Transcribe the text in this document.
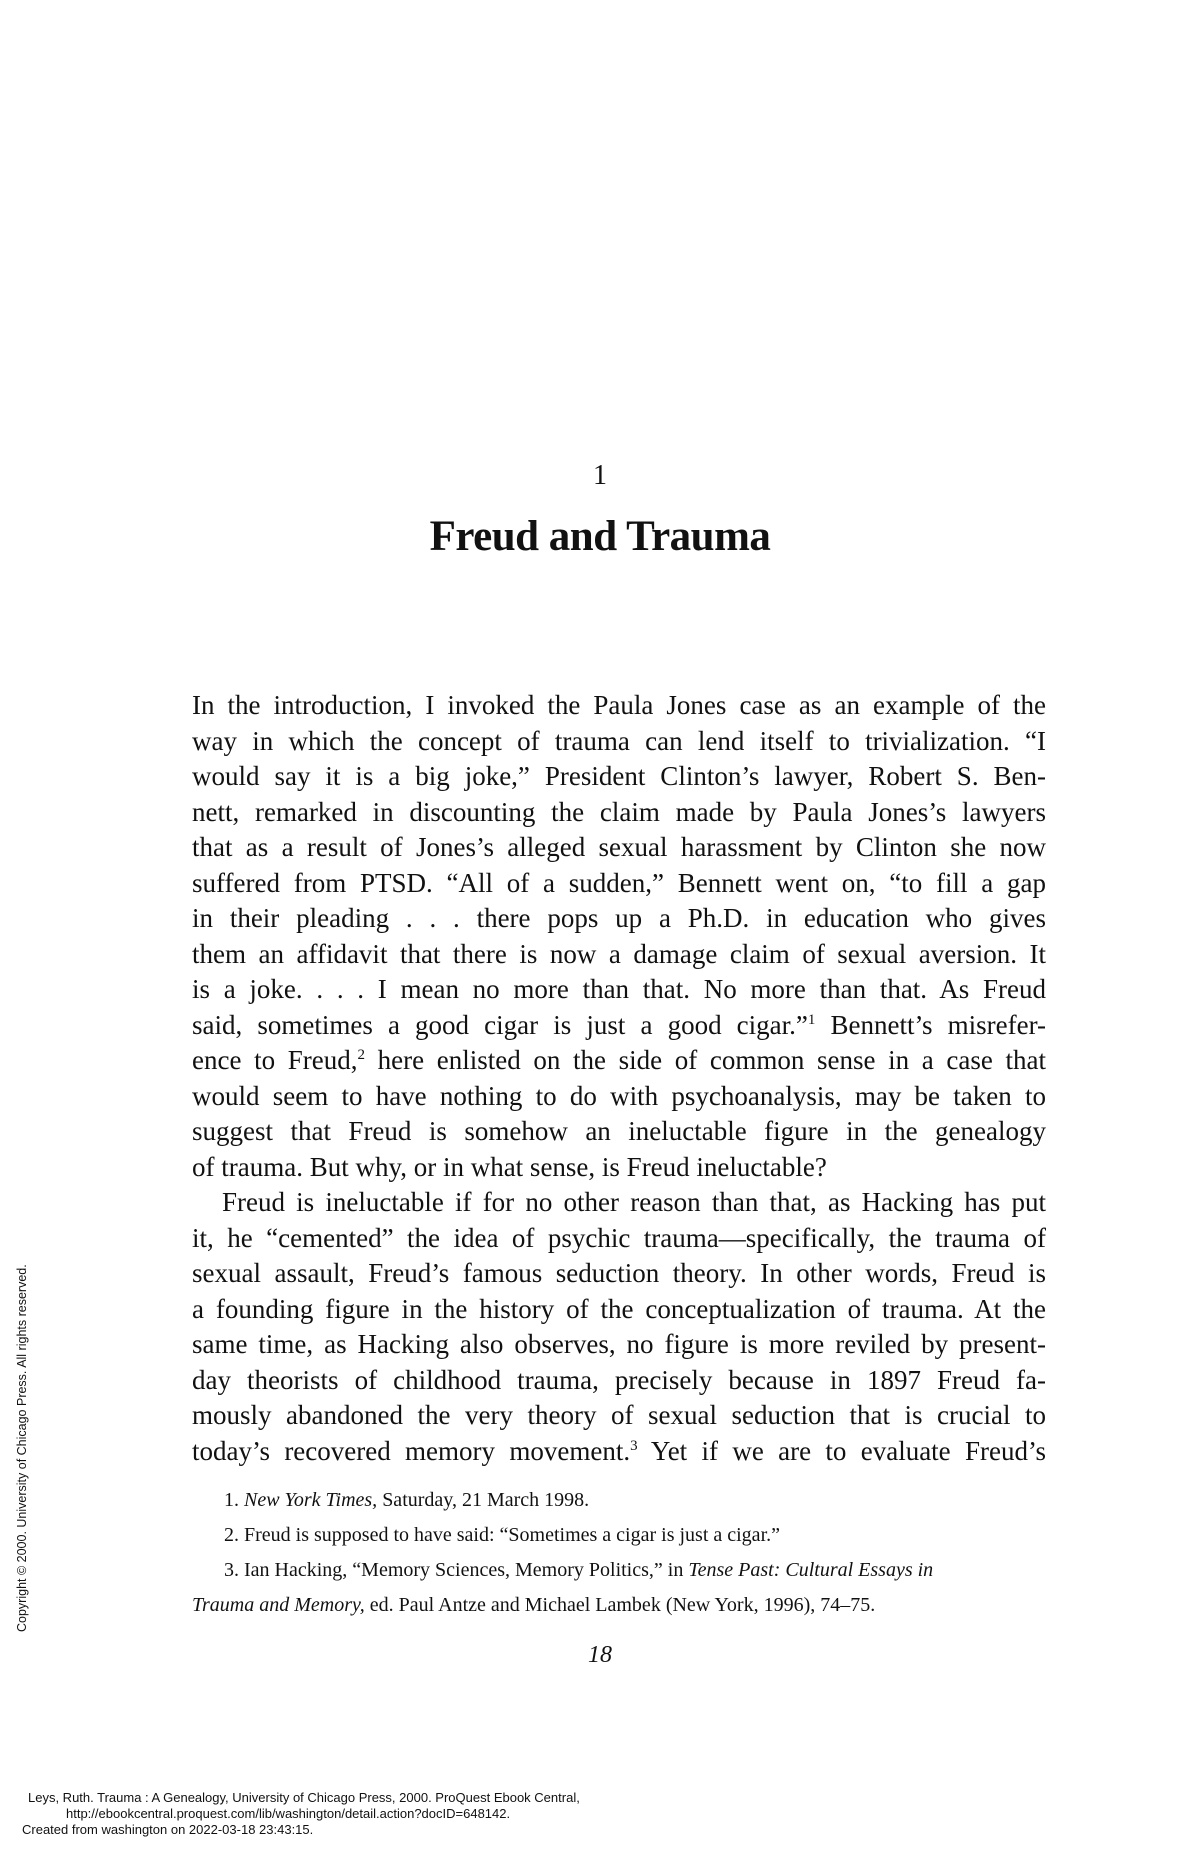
1
Freud and Trauma
In the introduction, I invoked the Paula Jones case as an example of the
way in which the concept of trauma can lend itself to trivialization. “I
would say it is a big joke,” President Clinton’s lawyer, Robert S. Ben-
nett, remarked in discounting the claim made by Paula Jones’s lawyers
that as a result of Jones’s alleged sexual harassment by Clinton she now
suffered from PTSD. “All of a sudden,” Bennett went on, “to fill a gap
in their pleading . . . there pops up a Ph.D. in education who gives
them an affidavit that there is now a damage claim of sexual aversion. It
is a joke. . . . I mean no more than that. No more than that. As Freud
said, sometimes a good cigar is just a good cigar.”$^1$ Bennett’s misrefer-
ence to Freud,$^2$ here enlisted on the side of common sense in a case that
would seem to have nothing to do with psychoanalysis, may be taken to
suggest that Freud is somehow an ineluctable figure in the genealogy
of trauma. But why, or in what sense, is Freud ineluctable?
Freud is ineluctable if for no other reason than that, as Hacking has put
it, he “cemented” the idea of psychic trauma—specifically, the trauma of
sexual assault, Freud’s famous seduction theory. In other words, Freud is
a founding figure in the history of the conceptualization of trauma. At the
same time, as Hacking also observes, no figure is more reviled by present-
day theorists of childhood trauma, precisely because in 1897 Freud fa-
mously abandoned the very theory of sexual seduction that is crucial to
today’s recovered memory movement.$^3$ Yet if we are to evaluate Freud’s
1. New York Times, Saturday, 21 March 1998.
2. Freud is supposed to have said: “Sometimes a cigar is just a cigar.”
3. Ian Hacking, “Memory Sciences, Memory Politics,” in Tense Past: Cultural Essays in
Trauma and Memory, ed. Paul Antze and Michael Lambek (New York, 1996), 74–75.
18
Copyright © 2000. University of Chicago Press. All rights reserved.
Leys, Ruth. Trauma : A Genealogy, University of Chicago Press, 2000. ProQuest Ebook Central,
http://ebookcentral.proquest.com/lib/washington/detail.action?docID=648142.
Created from washington on 2022-03-18 23:43:15.
